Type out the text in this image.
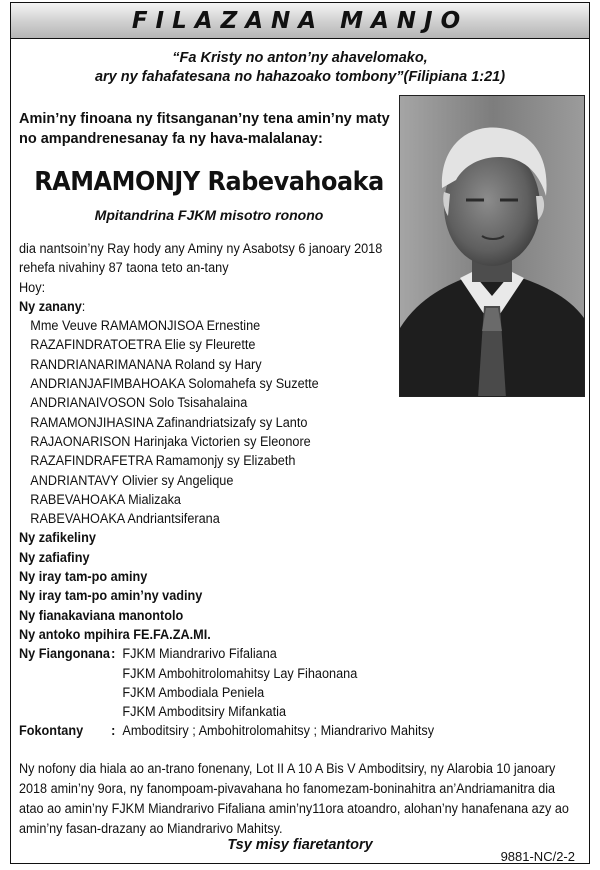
FILAZANA MANJO
“Fa Kristy no anton’ny ahavelomako,
ary ny fahafatesana no hahazoako tombony”(Filipiana 1:21)
Amin’ny finoana ny fitsanganan’ny tena amin’ny maty no ampandrenesanay fa ny hava-malalanay:
RAMAMONJY Rabevahoaka
Mpitandrina FJKM misotro ronono
dia nantsoin’ny Ray hody any Aminy ny Asabotsy 6 janoary 2018
rehefa nivahiny 87 taona teto an-tany
Hoy:
Ny zanany:
Mme Veuve RAMAMONJISOA Ernestine
RAZAFINDRATOETRA Elie sy Fleurette
RANDRIANARIMANANA Roland sy Hary
ANDRIANJAFIMBAHOAKA Solomahefa sy Suzette
ANDRIANAIVOSON Solo Tsisahalaina
RAMAMONJIHASINA Zafinandriatsizafy sy Lanto
RAJAONARISON Harinjaka Victorien sy Eleonore
RAZAFINDRAFETRA Ramamonjy sy Elizabeth
ANDRIANTAVY Olivier sy Angelique
RABEVAHOAKA Mializaka
RABEVAHOAKA Andriantsiferana
Ny zafikeliny
Ny zafiafiny
Ny iray tam-po aminy
Ny iray tam-po amin’ny vadiny
Ny fianakaviana manontolo
Ny antoko mpihira FE.FA.ZA.MI.
Ny Fiangonana: FJKM Miandrarivo Fifaliana
FJKM Ambohitrolomahitsy Lay Fihaonana
FJKM Ambodiala Peniela
FJKM Amboditsiry Mifankatia
Fokontany : Amboditsiry ; Ambohitrolomahitsy ; Miandrarivo Mahitsy
Ny nofony dia hiala ao an-trano fonenany, Lot II A 10 A Bis V Amboditsiry, ny Alarobia 10 janoary
2018 amin’ny 9ora, ny fanompoam-pivavahana ho fanomezam-boninahitra an’Andriamanitra dia
atao ao amin’ny FJKM Miandrarivo Fifaliana amin’ny11ora atoandro, alohan’ny hanafenana azy ao
amin’ny fasan-drazany ao Miandrarivo Mahitsy.
Tsy misy fiaretantory
9881-NC/2-2
